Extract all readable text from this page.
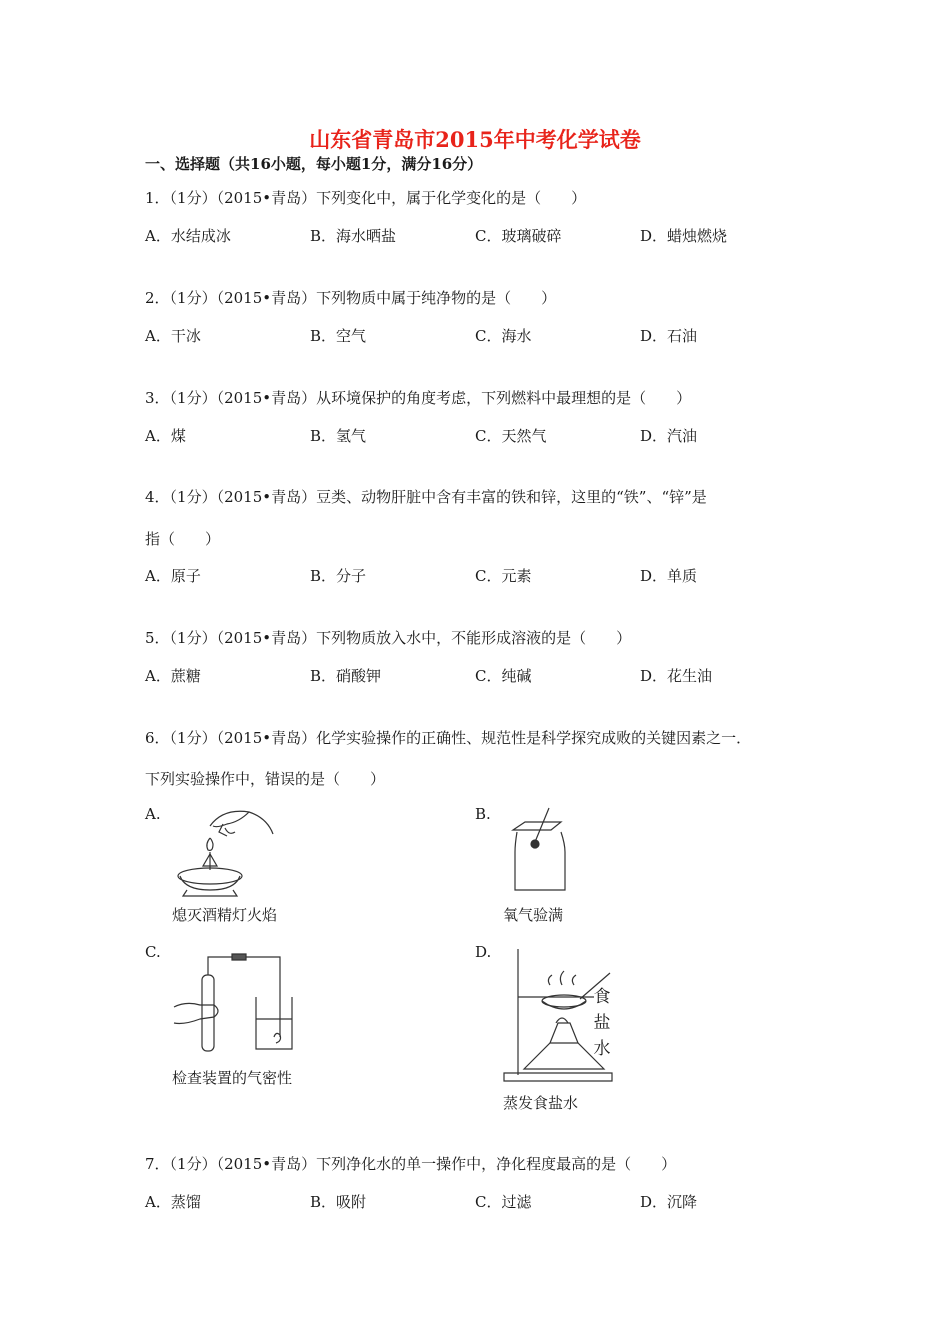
山东省青岛市2015年中考化学试卷
一、选择题（共16小题，每小题1分，满分16分）
1．（1分）（2015•青岛）下列变化中，属于化学变化的是（　　）
A．水结成冰	B．海水晒盐	C．玻璃破碎	D．蜡烛燃烧
2．（1分）（2015•青岛）下列物质中属于纯净物的是（　　）
A．干冰	B．空气	C．海水	D．石油
3．（1分）（2015•青岛）从环境保护的角度考虑，下列燃料中最理想的是（　　）
A．煤	B．氢气	C．天然气	D．汽油
4．（1分）（2015•青岛）豆类、动物肝脏中含有丰富的铁和锌，这里的“铁”、“锌”是
指（　　）
A．原子	B．分子	C．元素	D．单质
5．（1分）（2015•青岛）下列物质放入水中，不能形成溶液的是（　　）
A．蔗糖	B．硝酸钾	C．纯碱	D．花生油
6．（1分）（2015•青岛）化学实验操作的正确性、规范性是科学探究成败的关键因素之一．
下列实验操作中，错误的是（　　）
A.
熄灭酒精灯火焰
B.
氧气验满
C.
检查装置的气密性
D.
食
盐
水
蒸发食盐水
7．（1分）（2015•青岛）下列净化水的单一操作中，净化程度最高的是（　　）
A．蒸馏	B．吸附	C．过滤	D．沉降
